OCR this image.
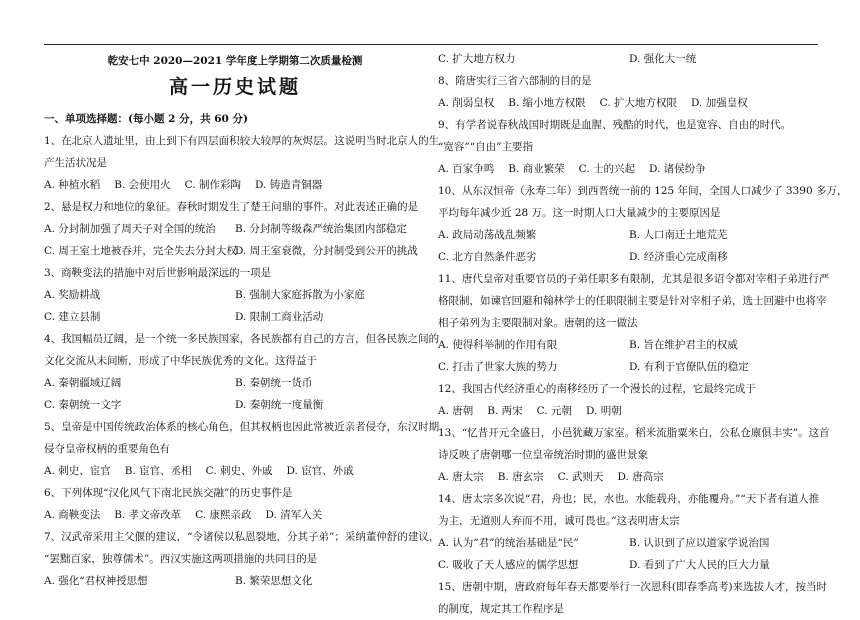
乾安七中 2020—2021 学年度上学期第二次质量检测
高一历史试题
一、单项选择题：(每小题 2 分，共 60 分)
1、在北京人遗址里，由上到下有四层面积较大较厚的灰烬层。这说明当时北京人的生
产生活状况是
A. 种植水稻 B. 会使用火 C. 制作彩陶 D. 铸造青铜器
2、悬是权力和地位的象征。春秋时期发生了楚王问鼎的事件。对此表述正确的是
A. 分封制加强了周天子对全国的统治	B. 分封制等级森严统治集团内部稳定
C. 周王室土地被吞并，完全失去分封大权
D. 周王室衰微，分封制受到公开的挑战
3、商鞅变法的措施中对后世影响最深远的一项是
A. 奖励耕战	B. 强制大家庭拆散为小家庭
C. 建立县制	D. 限制工商业活动
4、我国幅员辽阔，是一个统一多民族国家，各民族都有自己的方言，但各民族之间的
文化交流从未间断，形成了中华民族优秀的文化。这得益于
A. 秦朝疆域辽阔	B. 秦朝统一货币
C. 秦朝统一文字	D. 秦朝统一度量衡
5、皇帝是中国传统政治体系的核心角色，但其权柄也因此常被近亲者侵夺，东汉时期
侵夺皇帝权柄的重要角色有
A. 刺史、宦官 B. 宦官、丞相 C. 刺史、外戚 D. 宦官、外戚
6、下列体现“汉化风气下南北民族交融”的历史事件是
A. 商鞅变法 B. 孝文帝改革 C. 康熙亲政 D. 清军入关
7、汉武帝采用主父偃的建议，“令诸侯以私恩裂地，分其子弟”；采纳董仲舒的建议，
“罢黜百家，独尊儒术”。西汉实施这两项措施的共同目的是
A. 强化“君权神授思想	B. 繁荣思想文化
C. 扩大地方权力	D. 强化大一统
8、隋唐实行三省六部制的目的是
A. 削弱皇权 B. 缩小地方权限 C. 扩大地方权限 D. 加强皇权
9、有学者说春秋战国时期既是血腥、残酷的时代，也是宽容、自由的时代。
“宽容”“自由”主要指
A. 百家争鸣 B. 商业繁荣 C. 士的兴起 D. 诸侯纷争
10、从东汉恒帝（永寿二年）到西晋统一前的 125 年间，全国人口减少了 3390 多万，
平均每年减少近 28 万。这一时期人口大量减少的主要原因是
A. 政局动荡战乱频繁	B. 人口南迁土地荒芜
C. 北方自然条件恶劣	D. 经济重心完成南移
11、唐代皇帝对重要官员的子弟任职多有限制，尤其是很多诏令都对宰相子弟进行严
格限制，如谏官回避和翰林学士的任职限制主要是针对宰相子弟，选士回避中也将宰
相子弟列为主要限制对象。唐朝的这一做法
A. 使得科举制的作用有限	B. 旨在维护君主的权威
C. 打击了世家大族的势力	D. 有利于官僚队伍的稳定
12、我国古代经济重心的南移经历了一个漫长的过程，它最终完成于
A. 唐朝 B. 两宋 C. 元朝 D. 明朝
13、“忆昔开元全盛日，小邑犹藏万家室。稻米流脂粟米白，公私仓廪俱丰实”。这首
诗反映了唐朝哪一位皇帝统治时期的盛世景象
A. 唐太宗 B. 唐玄宗 C. 武则天 D. 唐高宗
14、唐太宗多次说“君，舟也；民，水也。水能载舟，亦能覆舟。”“天下者有道人推
为主，无道则人弃而不用，诚可畏也。”这表明唐太宗
A. 认为“君”的统治基础是“民”	B. 认识到了应以道家学说治国
C. 吸收了天人感应的儒学思想	D. 看到了广大人民的巨大力量
15、唐朝中期，唐政府每年春天都要举行一次恩科(即春季高考)来选拔人才，按当时
的制度，规定其工作程序是
